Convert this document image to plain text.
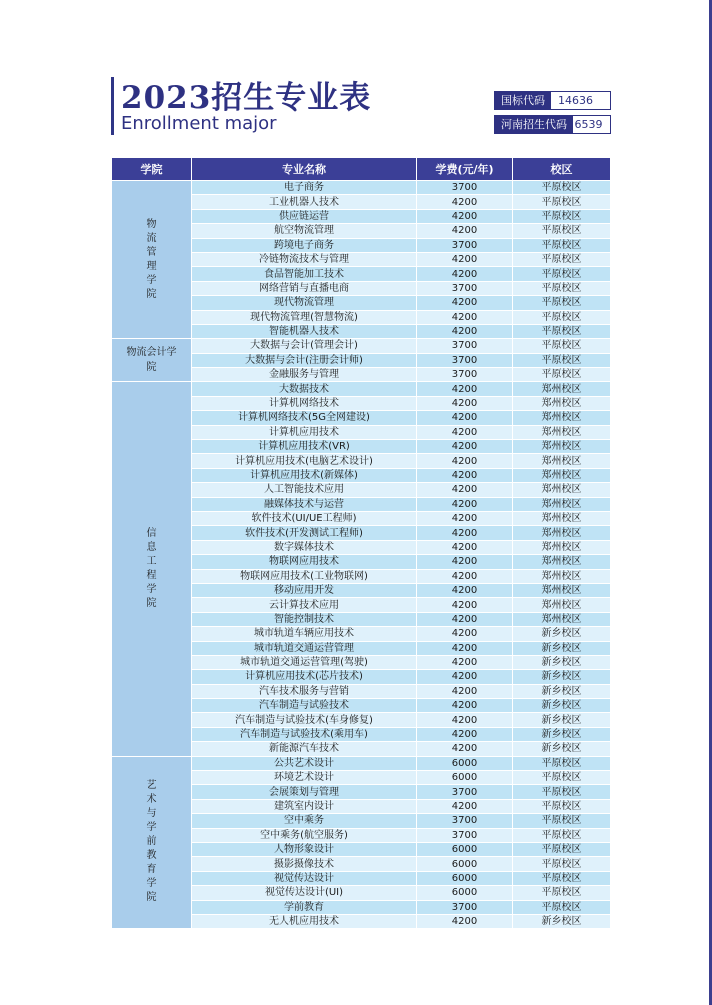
2023招生专业表
Enrollment major
国标代码	14636
河南招生代码 6539
学院	专业名称	学费(元/年)	校区
物流管理学院	电子商务	3700	平原校区
	工业机器人技术	4200	平原校区
	供应链运营	4200	平原校区
	航空物流管理	4200	平原校区
	跨境电子商务	3700	平原校区
	冷链物流技术与管理	4200	平原校区
	食品智能加工技术	4200	平原校区
	网络营销与直播电商	3700	平原校区
	现代物流管理	4200	平原校区
	现代物流管理(智慧物流)	4200	平原校区
	智能机器人技术	4200	平原校区
物流会计学院	大数据与会计(管理会计)	3700	平原校区
	大数据与会计(注册会计师)	3700	平原校区
	金融服务与管理	3700	平原校区
信息工程学院	大数据技术	4200	郑州校区
	计算机网络技术	4200	郑州校区
	计算机网络技术(5G全网建设)	4200	郑州校区
	计算机应用技术	4200	郑州校区
	计算机应用技术(VR)	4200	郑州校区
	计算机应用技术(电脑艺术设计)	4200	郑州校区
	计算机应用技术(新媒体)	4200	郑州校区
	人工智能技术应用	4200	郑州校区
	融媒体技术与运营	4200	郑州校区
	软件技术(UI/UE工程师)	4200	郑州校区
	软件技术(开发测试工程师)	4200	郑州校区
	数字媒体技术	4200	郑州校区
	物联网应用技术	4200	郑州校区
	物联网应用技术(工业物联网)	4200	郑州校区
	移动应用开发	4200	郑州校区
	云计算技术应用	4200	郑州校区
	智能控制技术	4200	郑州校区
	城市轨道车辆应用技术	4200	新乡校区
	城市轨道交通运营管理	4200	新乡校区
	城市轨道交通运营管理(驾驶)	4200	新乡校区
	计算机应用技术(芯片技术)	4200	新乡校区
	汽车技术服务与营销	4200	新乡校区
	汽车制造与试验技术	4200	新乡校区
	汽车制造与试验技术(车身修复)	4200	新乡校区
	汽车制造与试验技术(乘用车)	4200	新乡校区
	新能源汽车技术	4200	新乡校区
艺术与学前教育学院	公共艺术设计	6000	平原校区
	环境艺术设计	6000	平原校区
	会展策划与管理	3700	平原校区
	建筑室内设计	4200	平原校区
	空中乘务	3700	平原校区
	空中乘务(航空服务)	3700	平原校区
	人物形象设计	6000	平原校区
	摄影摄像技术	6000	平原校区
	视觉传达设计	6000	平原校区
	视觉传达设计(UI)	6000	平原校区
	学前教育	3700	平原校区
	无人机应用技术	4200	新乡校区
